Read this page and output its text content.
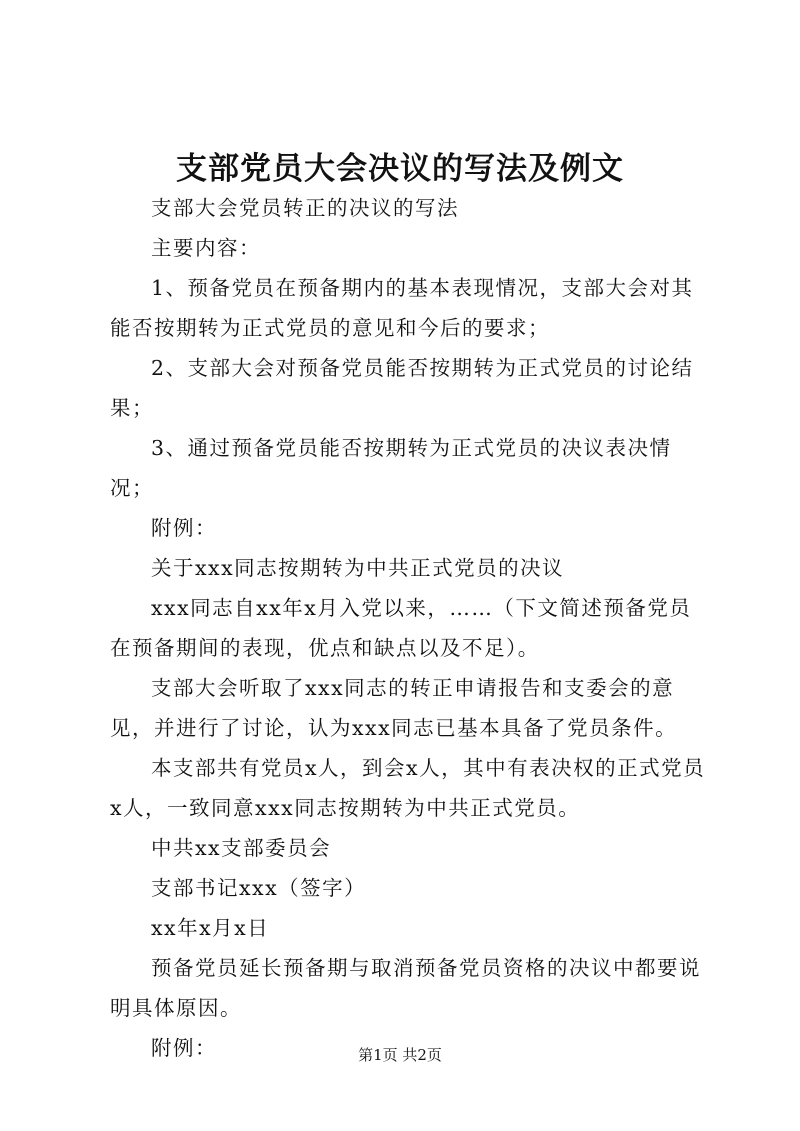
支部党员大会决议的写法及例文

支部大会党员转正的决议的写法

主要内容：

1、预备党员在预备期内的基本表现情况，支部大会对其能否按期转为正式党员的意见和今后的要求；

2、支部大会对预备党员能否按期转为正式党员的讨论结果；

3、通过预备党员能否按期转为正式党员的决议表决情况；

附例：

关于xxx同志按期转为中共正式党员的决议

xxx同志自xx年x月入党以来，……（下文简述预备党员在预备期间的表现，优点和缺点以及不足）。

支部大会听取了xxx同志的转正申请报告和支委会的意见，并进行了讨论，认为xxx同志已基本具备了党员条件。

本支部共有党员x人，到会x人，其中有表决权的正式党员x人，一致同意xxx同志按期转为中共正式党员。

中共xx支部委员会

支部书记xxx（签字）

xx年x月x日

预备党员延长预备期与取消预备党员资格的决议中都要说明具体原因。

附例：	第1页 共2页
